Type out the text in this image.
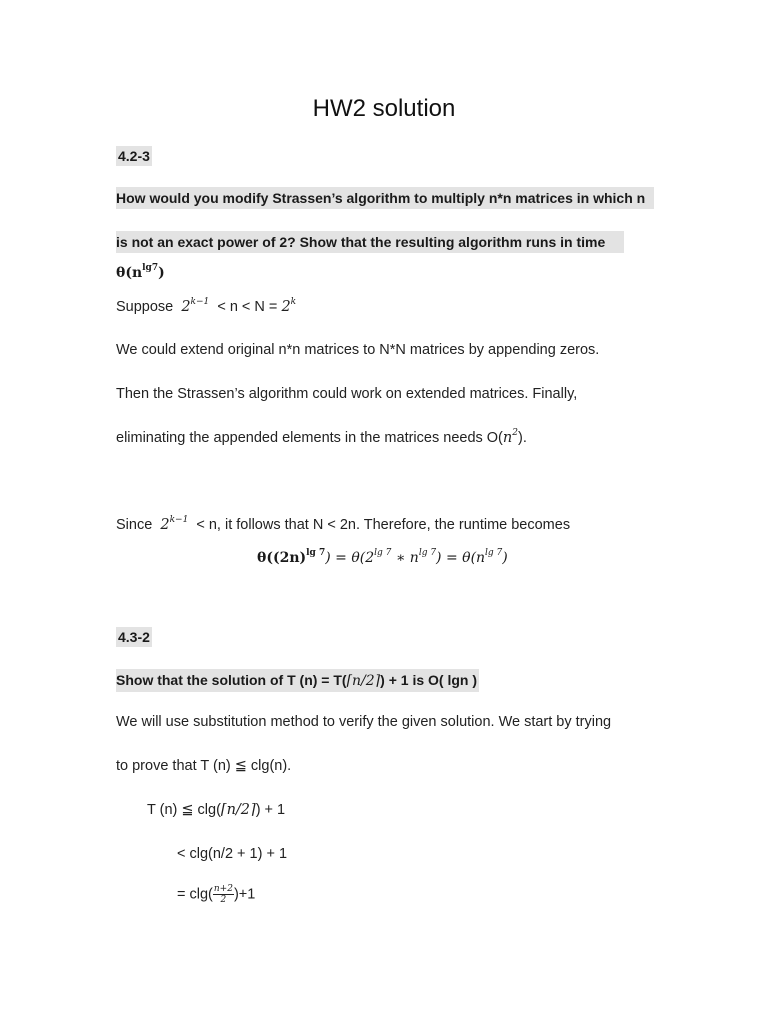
HW2 solution
4.2-3
How would you modify Strassen’s algorithm to multiply n*n matrices in which n
is not an exact power of 2? Show that the resulting algorithm runs in time
$\theta(n^{lg7})$
Suppose $2^{k-1} < n < N = 2^k$
We could extend original n*n matrices to N*N matrices by appending zeros.
Then the Strassen’s algorithm could work on extended matrices. Finally,
eliminating the appended elements in the matrices needs $O(n^2)$.
Since $2^{k-1} < n$, it follows that N < 2n. Therefore, the runtime becomes
$\theta((2n)^{lg 7}) = \theta(2^{lg 7}$ ∗ $n^{lg 7}) = \theta(n^{lg 7})$
4.3-2
Show that the solution of T (n) = T(⌈n/2⌉) + 1 is O( lgn )
We will use substitution method to verify the given solution. We start by trying
to prove that T (n) ≦ clg(n).
T (n) ≦ clg(⌈n/2⌉) + 1
< clg(n/2 + 1) + 1
= $clg( \frac{n+2}{2} )+1$
